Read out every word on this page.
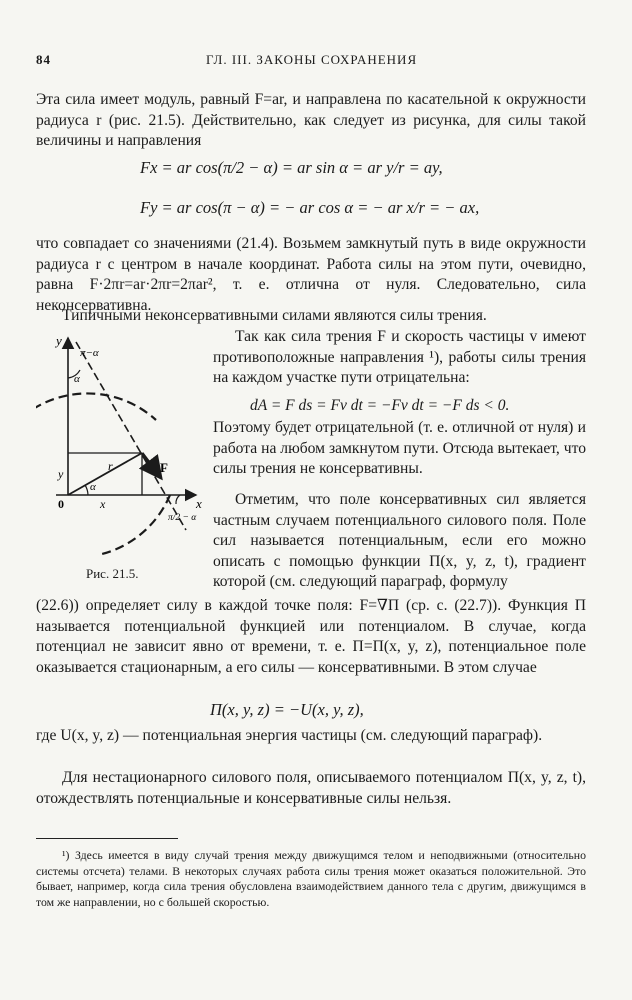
84	ГЛ. III. ЗАКОНЫ СОХРАНЕНИЯ

Эта сила имеет модуль, равный F=ar, и направлена по касательной к окружности радиуса r (рис. 21.5). Действительно, как следует из рисунка, для силы такой величины и направления

Fx = ar cos(π/2 − α) = ar sin α = ar y/r = ay,
Fy = ar cos(π − α) = − ar cos α = − ar x/r = − ax,

что совпадает со значениями (21.4). Возьмем замкнутый путь в виде окружности радиуса r с центром в начале координат. Работа силы на этом пути, очевидно, равна F·2πr=ar·2πr=2πar², т. е. отлична от нуля. Следовательно, сила неконсервативна.

Типичными неконсервативными силами являются силы трения.

Так как сила трения F и скорость частицы v имеют противоположные направления ¹), работы силы трения на каждом участке пути отрицательна:

dA = F ds = Fv dt = −Fv dt = −F ds < 0.

Поэтому будет отрицательной (т. е. отличной от нуля) и работа на любом замкнутом пути. Отсюда вытекает, что силы трения не консервативны.

Отметим, что поле консервативных сил является частным случаем потенциального силового поля. Поле сил называется потенциальным, если его можно описать с помощью функции Π(x, y, z, t), градиент которой (см. следующий параграф, формулу

(22.6)) определяет силу в каждой точке поля: F=∇Π (ср. с. (22.7)). Функция Π называется потенциальной функцией или потенциалом. В случае, когда потенциал не зависит явно от времени, т. е. Π=Π(x, y, z), потенциальное поле оказывается стационарным, а его силы — консервативными. В этом случае

Π(x, y, z) = −U(x, y, z),

где U(x, y, z) — потенциальная энергия частицы (см. следующий параграф).

Для нестационарного силового поля, описываемого потенциалом Π(x, y, z, t), отождествлять потенциальные и консервативные силы нельзя.

y
x
0
π−α
α
α
r
y
x
F
π/2 − α
Рис. 21.5.

¹) Здесь имеется в виду случай трения между движущимся телом и неподвижными (относительно системы отсчета) телами. В некоторых случаях работа силы трения может оказаться положительной. Это бывает, например, когда сила трения обусловлена взаимодействием данного тела с другим, движущимся в том же направлении, но с большей скоростью.
